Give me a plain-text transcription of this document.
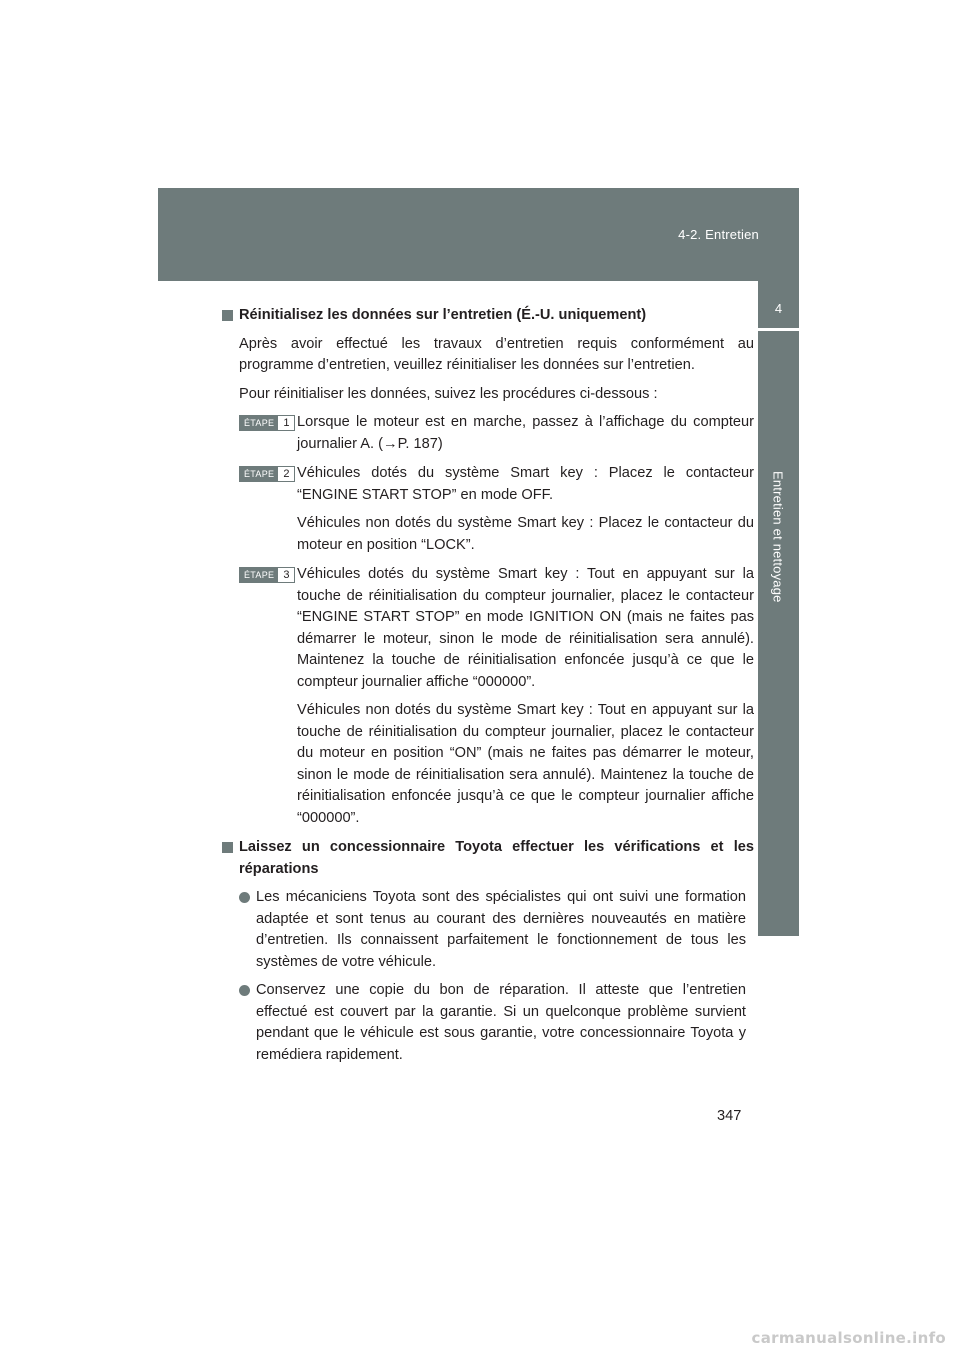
4-2. Entretien
4
Entretien et nettoyage
Réinitialisez les données sur l’entretien (É.-U. uniquement)
Après avoir effectué les travaux d’entretien requis conformément au programme d’entretien, veuillez réinitialiser les données sur l’entretien.
Pour réinitialiser les données, suivez les procédures ci-dessous :
ÉTAPE 1 Lorsque le moteur est en marche, passez à l’affichage du compteur journalier A. (→P. 187)
ÉTAPE 2 Véhicules dotés du système Smart key : Placez le contacteur “ENGINE START STOP” en mode OFF.
Véhicules non dotés du système Smart key : Placez le contacteur du moteur en position “LOCK”.
ÉTAPE 3 Véhicules dotés du système Smart key : Tout en appuyant sur la touche de réinitialisation du compteur journalier, placez le contacteur “ENGINE START STOP” en mode IGNITION ON (mais ne faites pas démarrer le moteur, sinon le mode de réinitialisation sera annulé). Maintenez la touche de réinitialisation enfoncée jusqu’à ce que le compteur journalier affiche “000000”.
Véhicules non dotés du système Smart key : Tout en appuyant sur la touche de réinitialisation du compteur journalier, placez le contacteur du moteur en position “ON” (mais ne faites pas démarrer le moteur, sinon le mode de réinitialisation sera annulé). Maintenez la touche de réinitialisation enfoncée jusqu’à ce que le compteur journalier affiche “000000”.
Laissez un concessionnaire Toyota effectuer les vérifications et les réparations
Les mécaniciens Toyota sont des spécialistes qui ont suivi une formation adaptée et sont tenus au courant des dernières nouveautés en matière d’entretien. Ils connaissent parfaitement le fonctionnement de tous les systèmes de votre véhicule.
Conservez une copie du bon de réparation. Il atteste que l’entretien effectué est couvert par la garantie. Si un quelconque problème survient pendant que le véhicule est sous garantie, votre concessionnaire Toyota y remédiera rapidement.
347
carmanualsonline.info
